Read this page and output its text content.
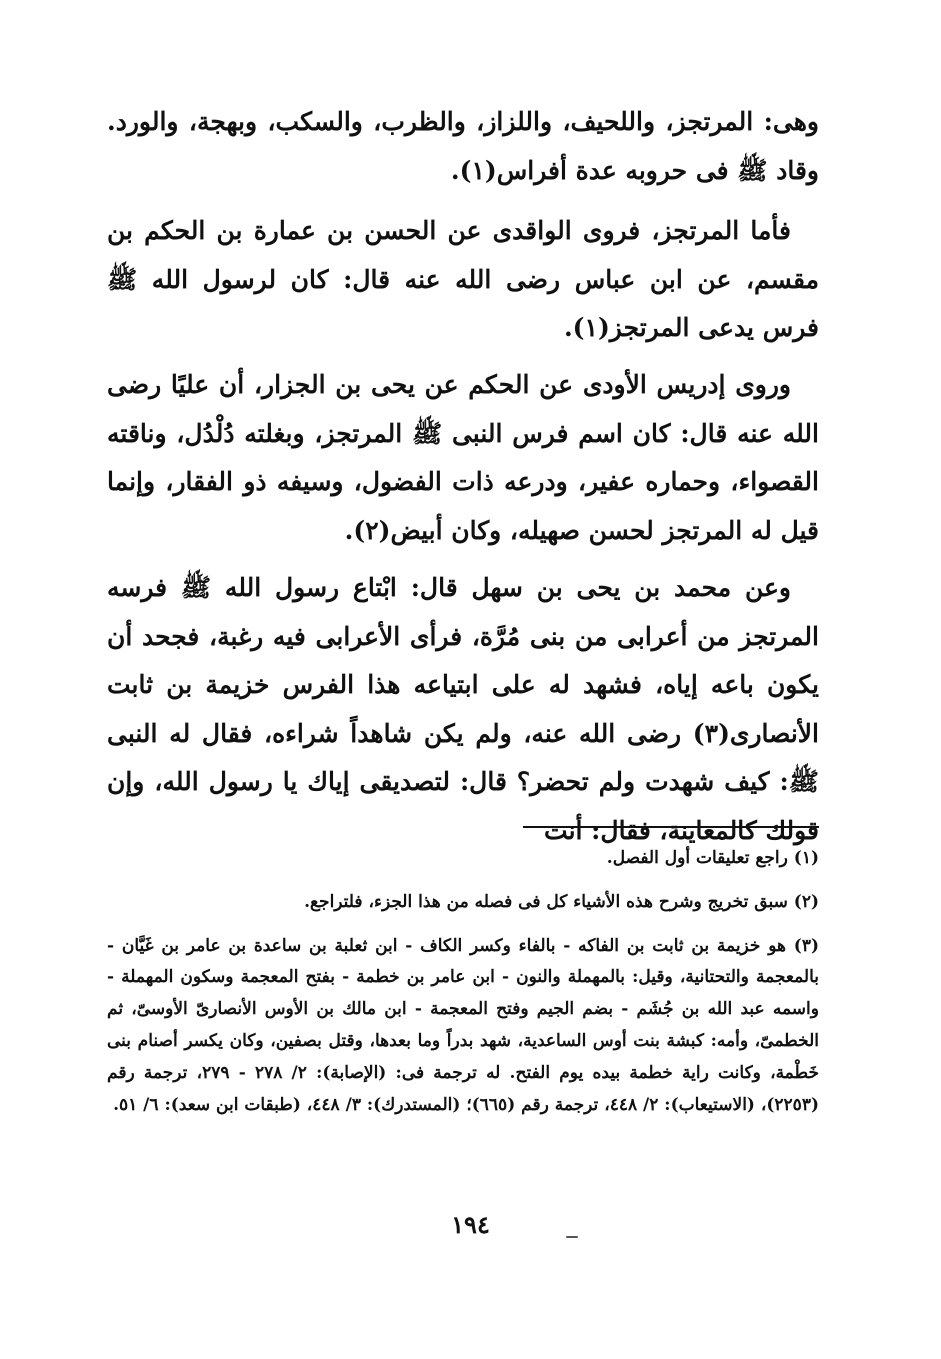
وهى: المرتجز، واللحيف، واللزاز، والظرب، والسكب، وبهجة، والورد. وقاد ﷺ فى حروبه عدة أفراس(١).

فأما المرتجز، فروى الواقدى عن الحسن بن عمارة بن الحكم بن مقسم، عن ابن عباس رضى الله عنه قال: كان لرسول الله ﷺ فرس يدعى المرتجز(١).

وروى إدريس الأودى عن الحكم عن يحى بن الجزار، أن عليًا رضى الله عنه قال: كان اسم فرس النبى ﷺ المرتجز، وبغلته دُلْدُل، وناقته القصواء، وحماره عفير، ودرعه ذات الفضول، وسيفه ذو الفقار، وإنما قيل له المرتجز لحسن صهيله، وكان أبيض(٢).

وعن محمد بن يحى بن سهل قال: ابْتاع رسول الله ﷺ فرسه المرتجز من أعرابى من بنى مُرَّة، فرأى الأعرابى فيه رغبة، فجحد أن يكون باعه إياه، فشهد له على ابتياعه هذا الفرس خزيمة بن ثابت الأنصارى(٣) رضى الله عنه، ولم يكن شاهداً شراءه، فقال له النبى ﷺ: كيف شهدت ولم تحضر؟ قال: لتصديقى إياك يا رسول الله، وإن قولك كالمعاينة، فقال: أنت

(١) راجع تعليقات أول الفصل.

(٢) سبق تخريج وشرح هذه الأشياء كل فى فصله من هذا الجزء، فلتراجع.

(٣) هو خزيمة بن ثابت بن الفاكه - بالفاء وكسر الكاف - ابن ثعلبة بن ساعدة بن عامر بن غَيَّان - بالمعجمة والتحتانية، وقيل: بالمهملة والنون - ابن عامر بن خطمة - بفتح المعجمة وسكون المهملة - واسمه عبد الله بن جُشَم - بضم الجيم وفتح المعجمة - ابن مالك بن الأوس الأنصارىّ الأوسىّ، ثم الخطمىّ، وأمه: كبشة بنت أوس الساعدية، شهد بدراً وما بعدها، وقتل بصفين، وكان يكسر أصنام بنى خَطْمة، وكانت راية خطمة بيده يوم الفتح. له ترجمة فى: (الإصابة): ٢/ ٢٧٨ - ٢٧٩، ترجمة رقم (٢٢٥٣)، (الاستيعاب): ٢/ ٤٤٨، ترجمة رقم (٦٦٥)؛ (المستدرك): ٣/ ٤٤٨، (طبقات ابن سعد): ٦/ ٥١.

١٩٤
